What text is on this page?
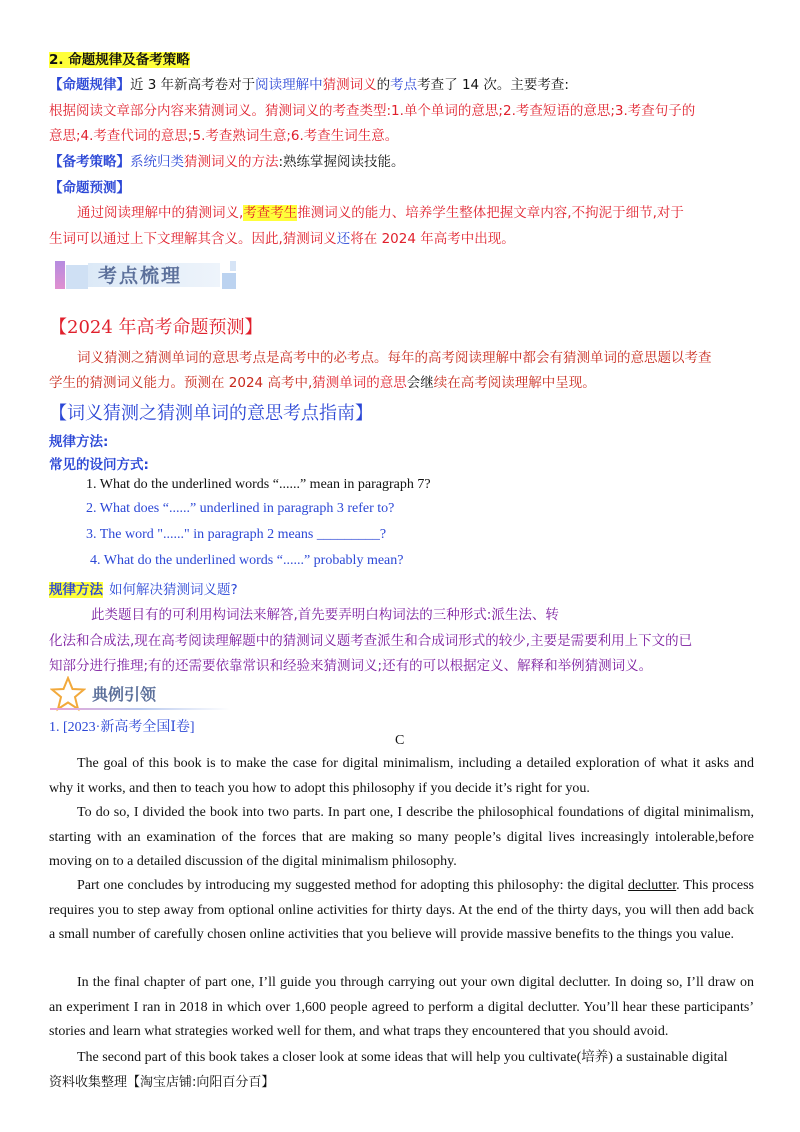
2. 命题规律及备考策略
【命题规律】近 3 年新高考卷对于阅读理解中猜测词义的考点考查了 14 次。主要考查:
根据阅读文章部分内容来猜测词义。猜测词义的考查类型:1.单个单词的意思;2.考查短语的意思;3.考查句子的
意思;4.考查代词的意思;5.考查熟词生意;6.考查生词生意。
【备考策略】系统归类猜测词义的方法:熟练掌握阅读技能。
【命题预测】
通过阅读理解中的猜测词义,考查考生推测词义的能力、培养学生整体把握文章内容,不拘泥于细节,对于
生词可以通过上下文理解其含义。因此,猜测词义还将在 2024 年高考中出现。
考点梳理
【2024 年高考命题预测】
词义猜测之猜测单词的意思考点是高考中的必考点。每年的高考阅读理解中都会有猜测单词的意思题以考查
学生的猜测词义能力。预测在 2024 高考中,猜测单词的意思会继续在高考阅读理解中呈现。
【词义猜测之猜测单词的意思考点指南】
规律方法:
常见的设问方式:
1. What do the underlined words “......” mean in paragraph 7?
2. What does “......” underlined in paragraph 3 refer to?
3. The word "......" in paragraph 2 means _________?
4. What do the underlined words “......” probably mean?
规律方法 如何解决猜测词义题?
此类题目有的可利用构词法来解答,首先要弄明白构词法的三种形式:派生法、转
化法和合成法,现在高考阅读理解题中的猜测词义题考查派生和合成词形式的较少,主要是需要利用上下文的已
知部分进行推理;有的还需要依靠常识和经验来猜测词义;还有的可以根据定义、解释和举例猜测词义。
典例引领
1. [2023·新高考全国Ⅰ卷]
C
The goal of this book is to make the case for digital minimalism, including a detailed exploration of what it asks and why it works, and then to teach you how to adopt this philosophy if you decide it’s right for you.
To do so, I divided the book into two parts. In part one, I describe the philosophical foundations of digital minimalism, starting with an examination of the forces that are making so many people’s digital lives increasingly intolerable,before moving on to a detailed discussion of the digital minimalism philosophy.
Part one concludes by introducing my suggested method for adopting this philosophy: the digital declutter. This process requires you to step away from optional online activities for thirty days. At the end of the thirty days, you will then add back a small number of carefully chosen online activities that you believe will provide massive benefits to the things you value.
In the final chapter of part one, I’ll guide you through carrying out your own digital declutter. In doing so, I’ll draw on an experiment I ran in 2018 in which over 1,600 people agreed to perform a digital declutter. You’ll hear these participants’ stories and learn what strategies worked well for them, and what traps they encountered that you should avoid.
The second part of this book takes a closer look at some ideas that will help you cultivate(培养) a sustainable digital
资料收集整理【淘宝店铺:向阳百分百】
